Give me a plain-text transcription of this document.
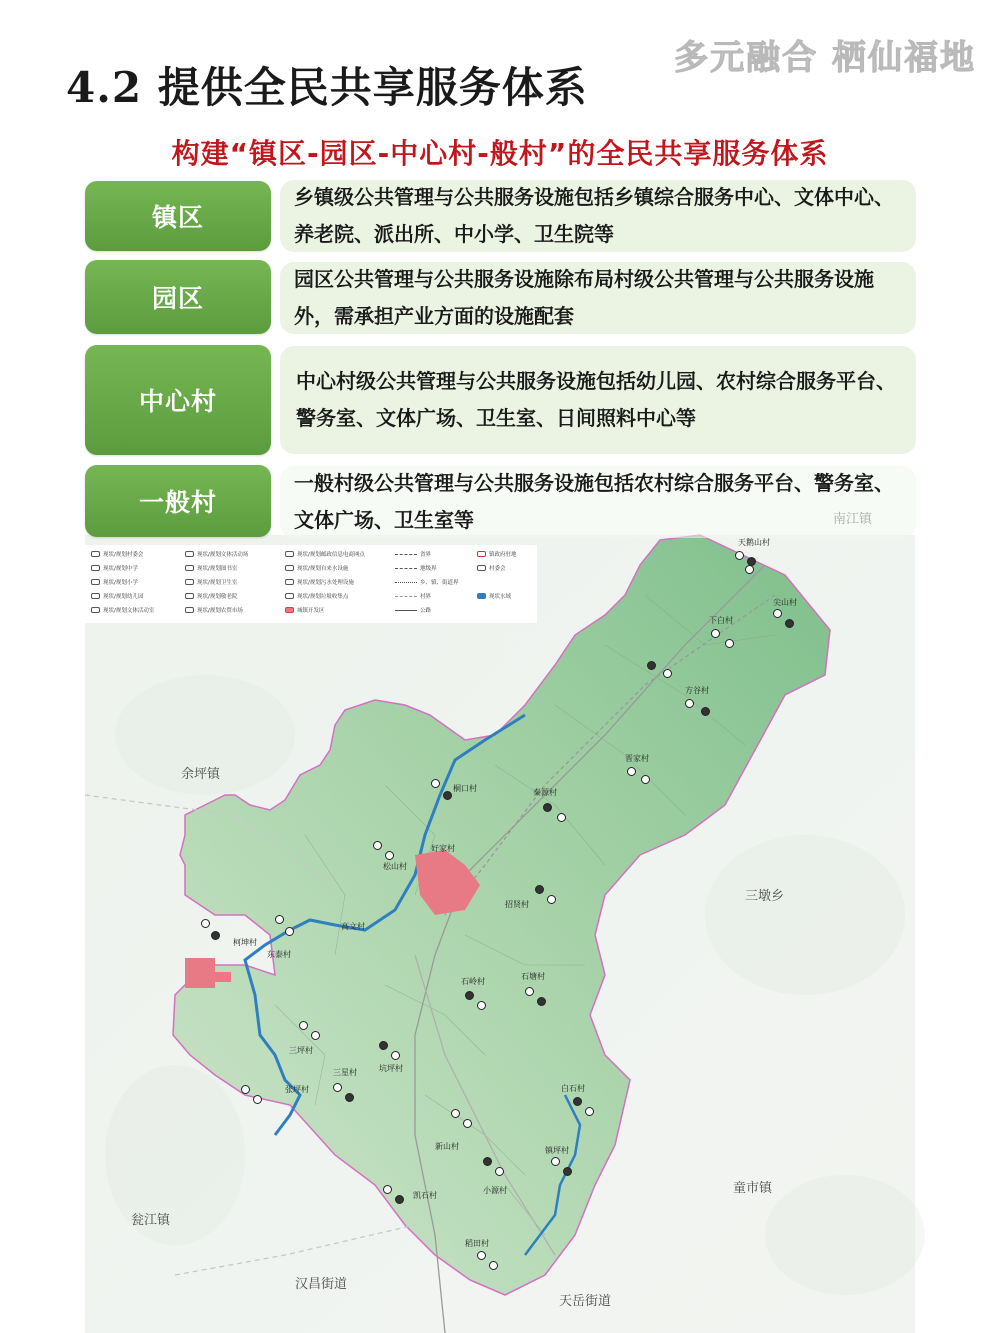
4.2 提供全民共享服务体系
多元融合 栖仙福地
构建“镇区-园区-中心村-般村”的全民共享服务体系
余坪镇
三墩乡
童市镇
瓮江镇
汉昌街道
天岳街道
天鹅山村
尖山村
下白村
方谷村
晋家村
秦源村
桐口村
松山村
好家村
招贤村
柯坤村
东泰村
高文村
石岭村
石塘村
三坪村
三星村	坑坪村
张坪村	白石村
镇坪村
新山村
小源村
凯石村
稻田村
现状/规划村委会
现状/规划中学
现状/规划小学
现状/规划幼儿园
现状/规划文体活动室
现状/规划文体活动场
现状/规划图书室
现状/规划卫生室
现状/规划敬老院
现状/规划农贸市场
现状/规划邮政信息电商网点
现状/规划自来水设施
现状/规划污水处理设施
现状/规划垃圾收集点
城镇开发区
省界
地级界
乡、镇、街道界
村界
公路
镇政府驻地
村委会
现状水域
镇区
乡镇级公共管理与公共服务设施包括乡镇综合服务中心、文体中心、养老院、派出所、中小学、卫生院等
园区
园区公共管理与公共服务设施除布局村级公共管理与公共服务设施外，需承担产业方面的设施配套
中心村
中心村级公共管理与公共服务设施包括幼儿园、农村综合服务平台、警务室、文体广场、卫生室、日间照料中心等
一般村
一般村级公共管理与公共服务设施包括农村综合服务平台、警务室、文体广场、卫生室等
